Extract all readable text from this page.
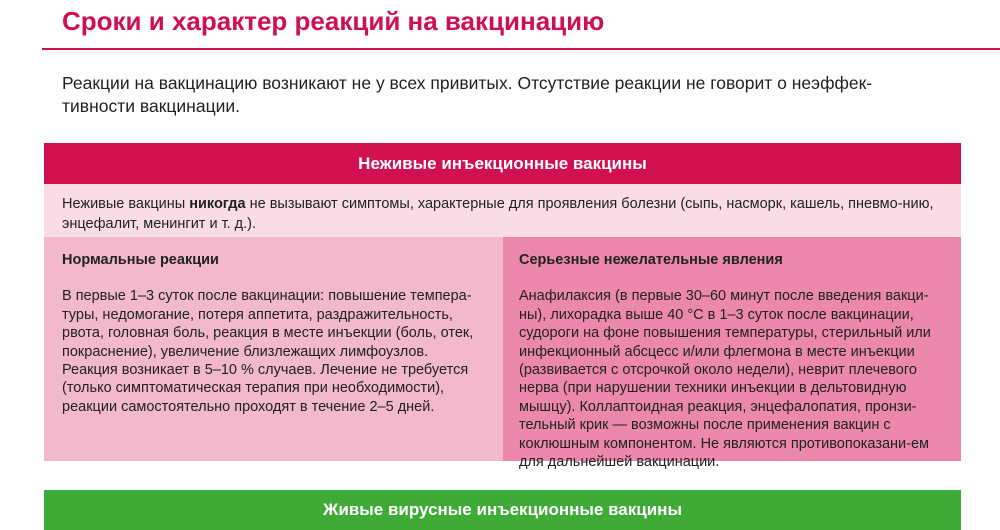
Сроки и характер реакций на вакцинацию

Реакции на вакцинацию возникают не у всех привитых. Отсутствие реакции не говорит о неэффек-тивности вакцинации.

Неживые инъекционные вакцины
Неживые вакцины никогда не вызывают симптомы, характерные для проявления болезни (сыпь, насморк, кашель, пневмо-нию, энцефалит, менингит и т. д.).
Нормальные реакции

В первые 1–3 суток после вакцинации: повышение темпера-туры, недомогание, потеря аппетита, раздражительность, рвота, головная боль, реакция в месте инъекции (боль, отек, покраснение), увеличение близлежащих лимфоузлов. Реакция возникает в 5–10 % случаев. Лечение не требуется (только симптоматическая терапия при необходимости), реакции самостоятельно проходят в течение 2–5 дней.

Серьезные нежелательные явления

Анафилаксия (в первые 30–60 минут после введения вакци-ны), лихорадка выше 40 °C в 1–3 суток после вакцинации, судороги на фоне повышения температуры, стерильный или инфекционный абсцесс и/или флегмона в месте инъекции (развивается с отсрочкой около недели), неврит плечевого нерва (при нарушении техники инъекции в дельтовидную мышцу). Коллаптоидная реакция, энцефалопатия, пронзи-тельный крик — возможны после применения вакцин с коклюшным компонентом. Не являются противопоказани-ем для дальнейшей вакцинации.

Живые вирусные инъекционные вакцины
